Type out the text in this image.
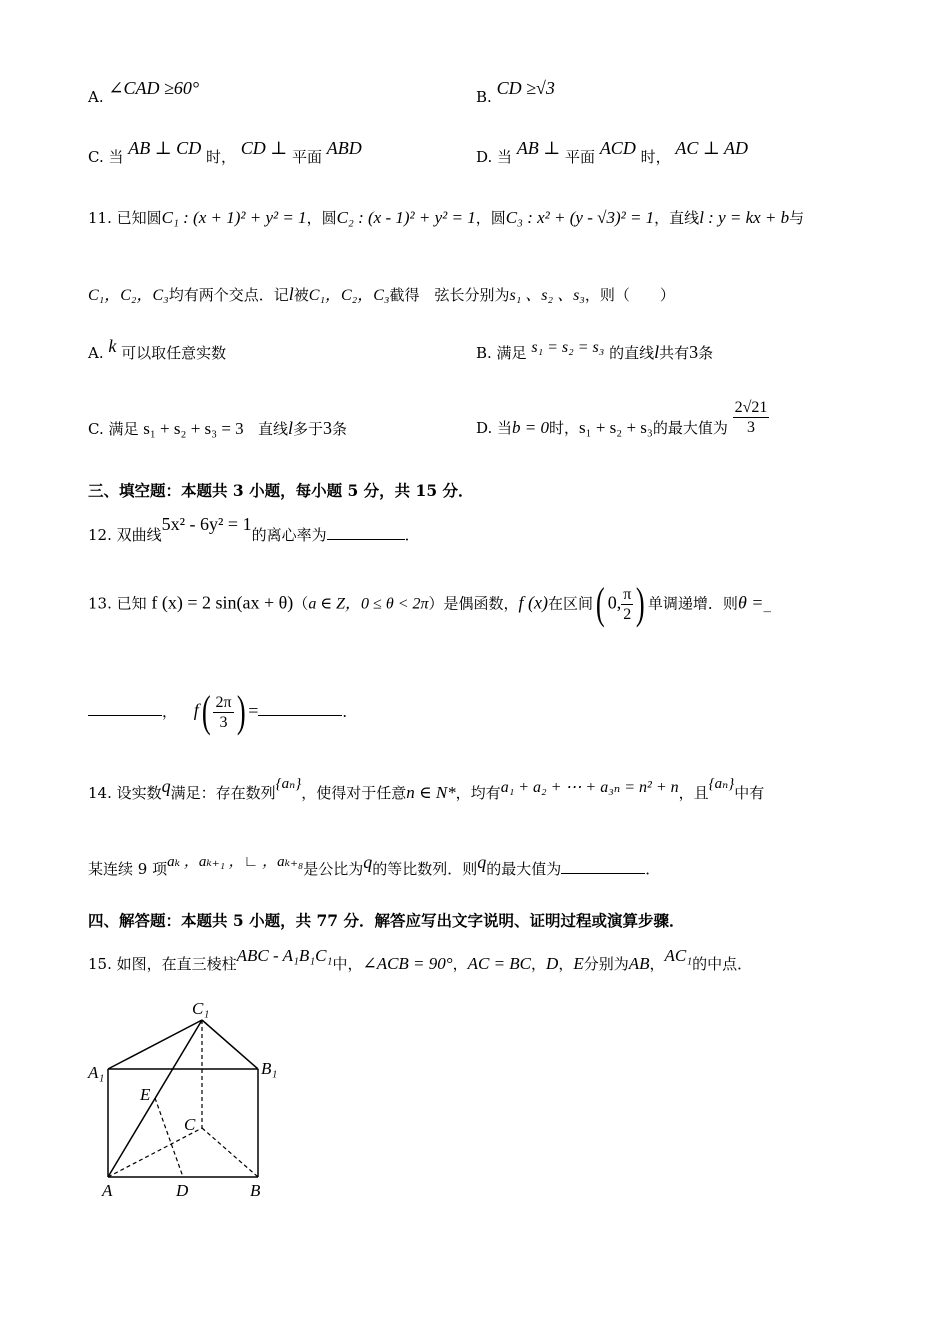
A. ∠CAD ≥60°	B. CD ≥√3
C. 当 AB ⊥ CD 时， CD ⊥ 平面 ABD	D. 当 AB ⊥ 平面 ACD 时， AC ⊥ AD
11. 已知圆C₁ : (x + 1)² + y² = 1，圆C₂ : (x - 1)² + y² = 1，圆C₃ : x² + (y - √3)² = 1，直线l : y = kx + b与
C₁，C₂，C₃均有两个交点．记l被C₁，C₂，C₃截得　弦长分别为s₁ 、s₂ 、s₃，则（　　）
A. k 可以取任意实数	B. 满足 s₁ = s₂ = s₃ 的直线l共有3条
C. 满足 s₁ + s₂ + s₃ = 3 直线l多于3条	D. 当b = 0时，s₁ + s₂ + s₃的最大值为 $\frac{2√21}{3}$
三、填空题：本题共 3 小题，每小题 5 分，共 15 分．
12. 双曲线5x² - 6y² = 1的离心率为	．
13. 已知 f (x) = 2 sin(ax + θ)（a ∈ Z，0 ≤ θ < 2π）是偶函数，f (x)在区间( 0, $\frac{\pi}{2}$ ) 单调递增．则θ =_
， $f( \frac{2\pi}{3}$ ) =	．
14. 设实数q满足：存在数列{aₙ}，使得对于任意n ∈ N*，均有a₁ + a₂ + ⋯ + a₃ₙ = n² + n，且{aₙ}中有
某连续 9 项aₖ ，aₖ₊₁ ，∟ ，aₖ₊₈是公比为q的等比数列．则q的最大值为	．
四、解答题：本题共 5 小题，共 77 分．解答应写出文字说明、证明过程或演算步骤．
15. 如图，在直三棱柱ABC - A₁B₁C₁中，∠ACB = 90°，AC = BC，D，E分别为AB，AC₁的中点．
C₁
A₁	B₁
E
C
A	D	B
